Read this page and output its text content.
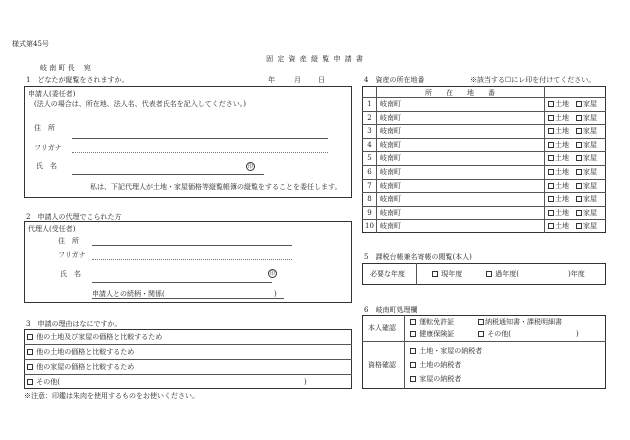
様式第45号
固 定 資 産 縦 覧 申 請 書
岐 南 町 長　 宛
1　どなたが縦覧をされますか。	年	月 日
申請人(委任者)
(法人の場合は、所在地、法人名、代表者氏名を記入してください。)
住　所
フリガナ
氏　名	印
私は、下記代理人が土地・家屋価格等縦覧帳簿の縦覧をすることを委任します。
2　申請人の代理でこられた方
代理人(受任者)
住　所
フリガナ
氏　名	印
申請人との続柄・関係(	)
3　申請の理由はなにですか。
他の土地及び家屋の価格と比較するため
他の土地の価格と比較するため
他の家屋の価格と比較するため
その他(	)
※注意：印鑑は朱肉を使用するものをお使いください。
4　資産の所在地番	※該当する☐にレ印を付けてください。
所　　在　　地　　番
1	岐南町	土地	家屋
2	岐南町	土地	家屋
3	岐南町	土地	家屋
4	岐南町	土地	家屋
5	岐南町	土地	家屋
6	岐南町	土地	家屋
7	岐南町	土地	家屋
8	岐南町	土地	家屋
9	岐南町	土地	家屋
10 岐南町	土地	家屋
5　課税台帳兼名寄帳の閲覧(本人)
必要な年度	現年度	過年度(	)年度
6　岐南町処理欄
本人確認
運転免許証	納税通知書・課税明細書
健康保険証	その他(	)
資格確認
土地・家屋の納税者
土地の納税者
家屋の納税者
